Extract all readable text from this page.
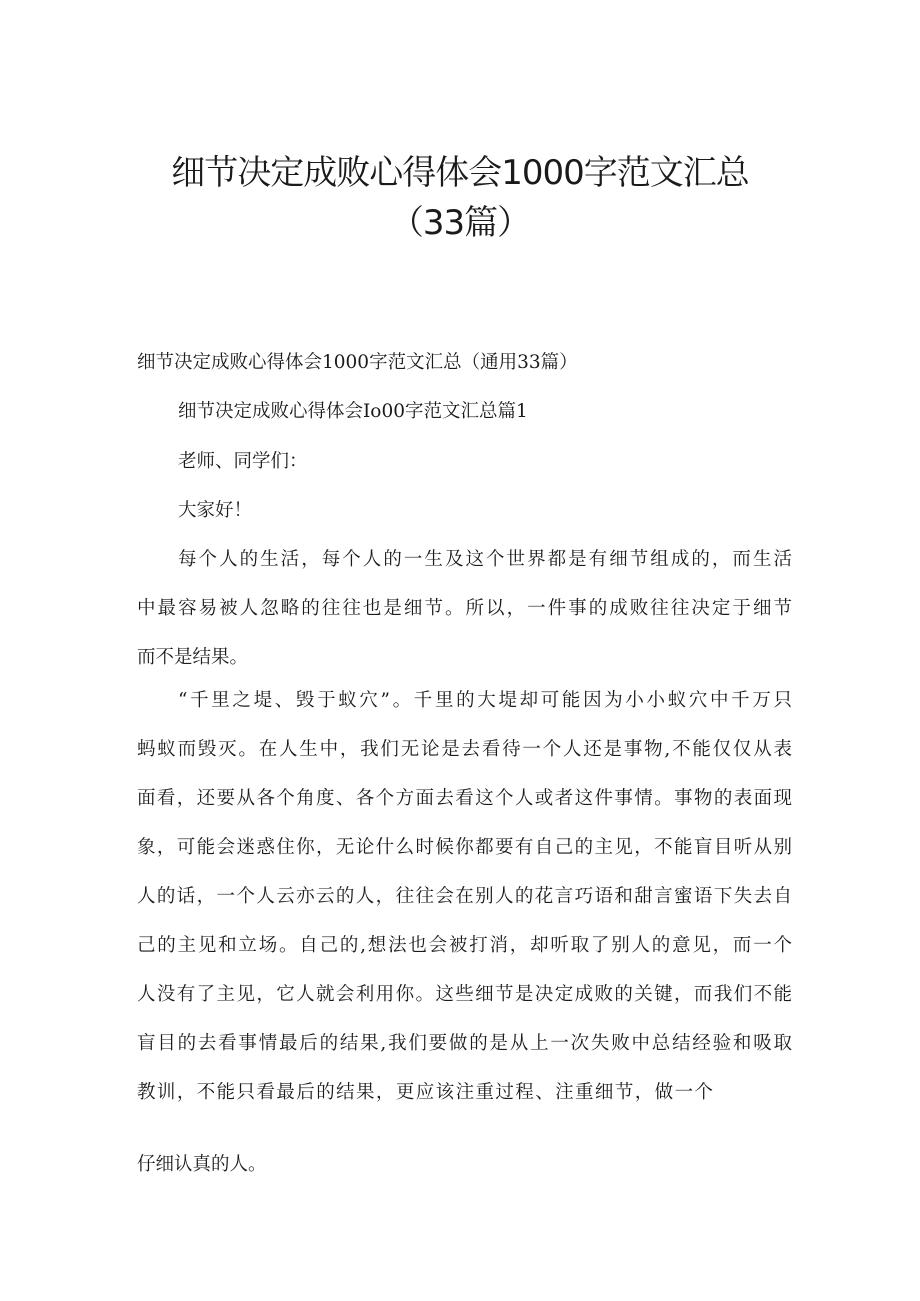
细节决定成败心得体会1000字范文汇总
（33篇）

细节决定成败心得体会1000字范文汇总（通用33篇）

细节决定成败心得体会Io00字范文汇总篇1

老师、同学们：

大家好！

每个人的生活，每个人的一生及这个世界都是有细节组成的，而生活

中最容易被人忽略的往往也是细节。所以，一件事的成败往往决定于细节

而不是结果。

“千里之堤、毁于蚁穴”。千里的大堤却可能因为小小蚁穴中千万只

蚂蚁而毁灭。在人生中，我们无论是去看待一个人还是事物,不能仅仅从表

面看，还要从各个角度、各个方面去看这个人或者这件事情。事物的表面现

象，可能会迷惑住你，无论什么时候你都要有自己的主见，不能盲目听从别

人的话，一个人云亦云的人，往往会在别人的花言巧语和甜言蜜语下失去自

己的主见和立场。自己的,想法也会被打消，却听取了别人的意见，而一个

人没有了主见，它人就会利用你。这些细节是决定成败的关键，而我们不能

盲目的去看事情最后的结果,我们要做的是从上一次失败中总结经验和吸取

教训，不能只看最后的结果，更应该注重过程、注重细节，做一个

仔细认真的人。
